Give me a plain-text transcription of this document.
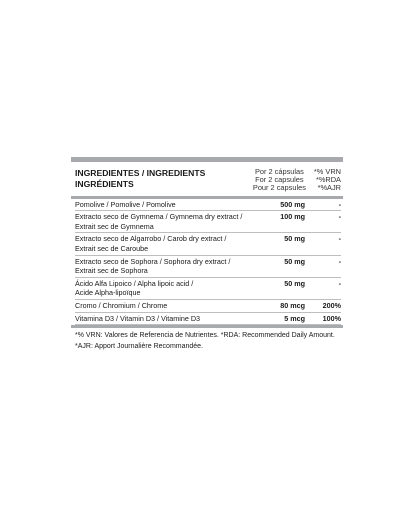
INGREDIENTES / INGREDIENTS
INGRÉDIENTS
Por 2 cápsulas
For 2 capsules
Pour 2 capsules
*% VRN
*%RDA
*%AJR
Pomolive / Pomolive / Pomolive	500 mg	-
Extracto seco de Gymnema / Gymnema dry extract /
Extrait sec de Gymnema
100 mg	-
Extracto seco de Algarrobo / Carob dry extract /
Extrait sec de Caroube
50 mg	-
Extracto seco de Sophora / Sophora dry extract /
Extrait sec de Sophora
50 mg	-
Ácido Alfa Lipoico / Alpha lipoic acid /
Acide Alpha-lipoïque
50 mg	-
Cromo / Chromium / Chrome	80 mcg	200%
Vitamina D3 / Vitamin D3 / Vitamine D3	5 mcg	100%
*% VRN: Valores de Referencia de Nutrientes. *RDA: Recommended Daily Amount.
*AJR: Apport Journalière Recommandée.
